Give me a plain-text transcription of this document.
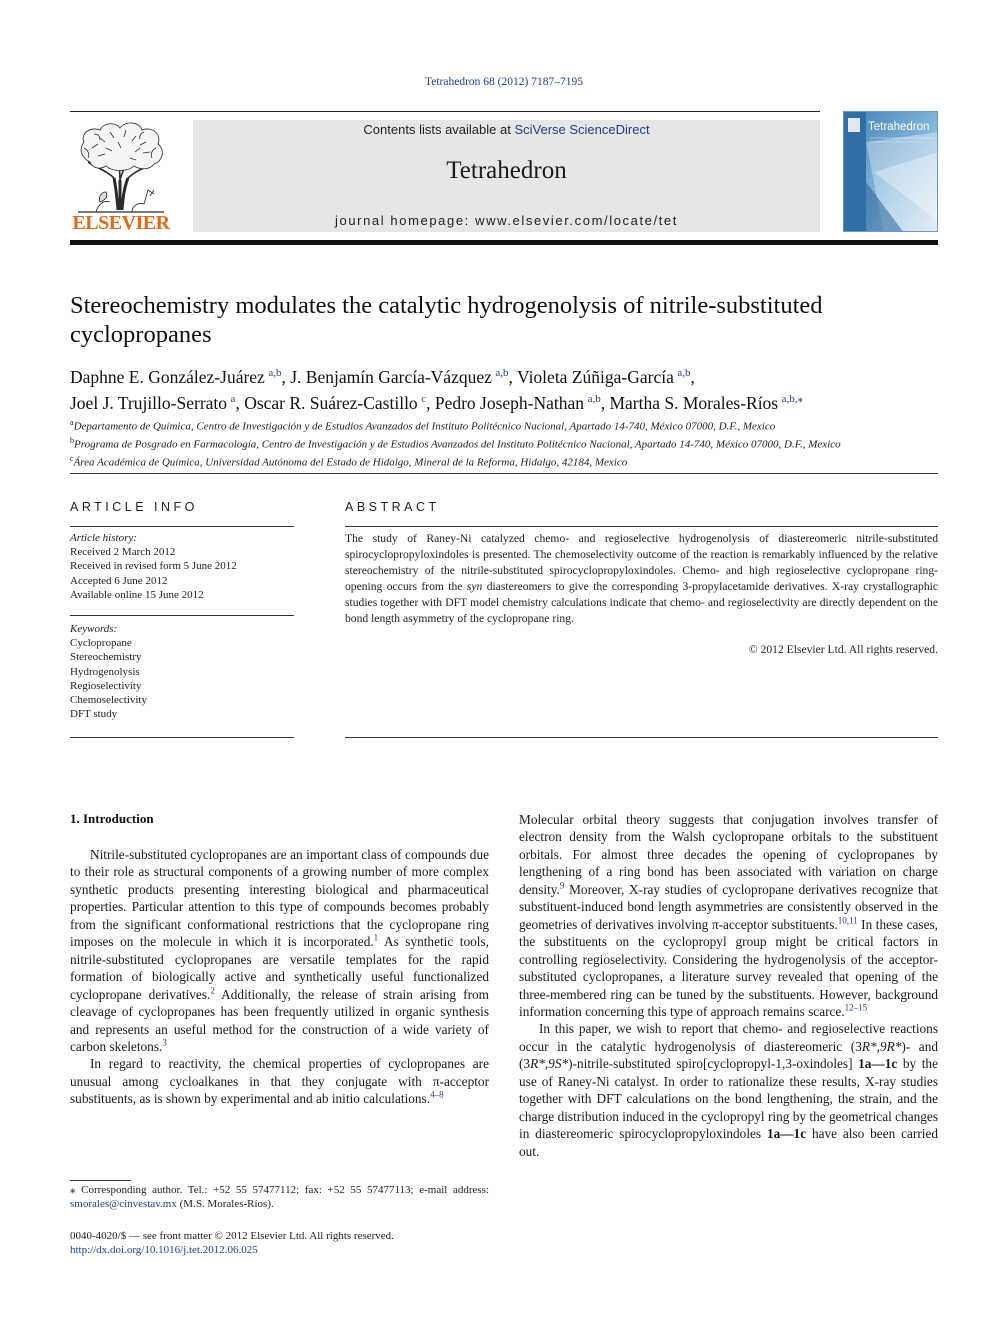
Tetrahedron 68 (2012) 7187–7195
ELSEVIER
Contents lists available at SciVerse ScienceDirect
Tetrahedron
journal homepage: www.elsevier.com/locate/tet
Tetrahedron
Stereochemistry modulates the catalytic hydrogenolysis of nitrile-substituted cyclopropanes
Daphne E. González-Juárez  $^{a,b}$, J. Benjamín García-Vázquez  $^{a,b}$, Violeta Zúñiga-García  $^{a,b}$,
Joel J. Trujillo-Serrato  $^a$, Oscar R. Suárez-Castillo  $^c$, Pedro Joseph-Nathan  $^{a,b}$, Martha S. Morales-Ríos  $^{a,b,⁎}$
$^a$Departamento de Química, Centro de Investigación y de Estudios Avanzados del Instituto Politécnico Nacional, Apartado 14-740, México 07000, D.F., Mexico
$^b$Programa de Posgrado en Farmacología, Centro de Investigación y de Estudios Avanzados del Instituto Politécnico Nacional, Apartado 14-740, México 07000, D.F., Mexico
$^c$Área Académica de Química, Universidad Autónoma del Estado de Hidalgo, Mineral de la Reforma, Hidalgo, 42184, Mexico
ARTICLE INFO	ABSTRACT
Article history:
Received 2 March 2012
Received in revised form 5 June 2012
Accepted 6 June 2012
Available online 15 June 2012
Keywords:
Cyclopropane
Stereochemistry
Hydrogenolysis
Regioselectivity
Chemoselectivity
DFT study
The study of Raney-Ni catalyzed chemo- and regioselective hydrogenolysis of diastereomeric nitrile-substituted spirocyclopropyloxindoles is presented. The chemoselectivity outcome of the reaction is remarkably influenced by the relative stereochemistry of the nitrile-substituted spirocyclopropyloxindoles. Chemo- and high regioselective cyclopropane ring-opening occurs from the syn diastereomers to give the corresponding 3-propylacetamide derivatives. X-ray crystallographic studies together with DFT model chemistry calculations indicate that chemo- and regioselectivity are directly dependent on the bond length asymmetry of the cyclopropane ring.
© 2012 Elsevier Ltd. All rights reserved.
1. Introduction

Nitrile-substituted cyclopropanes are an important class of compounds due to their role as structural components of a growing number of more complex synthetic products presenting interesting biological and pharmaceutical properties. Particular attention to this type of compounds becomes probably from the significant conformational restrictions that the cyclopropane ring imposes on the molecule in which it is incorporated.$^1$ As synthetic tools, nitrile-substituted cyclopropanes are versatile templates for the rapid formation of biologically active and synthetically useful functionalized cyclopropane derivatives.$^2$ Additionally, the release of strain arising from cleavage of cyclopropanes has been frequently utilized in organic synthesis and represents an useful method for the construction of a wide variety of carbon skeletons.$^3$

In regard to reactivity, the chemical properties of cyclopropanes are unusual among cycloalkanes in that they conjugate with π-acceptor substituents, as is shown by experimental and ab initio calculations.$^{4-8}$

Molecular orbital theory suggests that conjugation involves transfer of electron density from the Walsh cyclopropane orbitals to the substituent orbitals. For almost three decades the opening of cyclopropanes by lengthening of a ring bond has been associated with variation on charge density.$^9$ Moreover, X-ray studies of cyclopropane derivatives recognize that substituent-induced bond length asymmetries are consistently observed in the geometries of derivatives involving π-acceptor substituents.$^{10,11}$ In these cases, the substituents on the cyclopropyl group might be critical factors in controlling regioselectivity. Considering the hydrogenolysis of the acceptor-substituted cyclopropanes, a literature survey revealed that opening of the three-membered ring can be tuned by the substituents. However, background information concerning this type of approach remains scarce.$^{12-15}$

In this paper, we wish to report that chemo- and regioselective reactions occur in the catalytic hydrogenolysis of diastereomeric (3R*,9R*)- and (3R*,9S*)-nitrile-substituted spiro[cyclopropyl-1,3-oxindoles] 1a—1c by the use of Raney-Ni catalyst. In order to rationalize these results, X-ray studies together with DFT calculations on the bond lengthening, the strain, and the charge distribution induced in the cyclopropyl ring by the geometrical changes in diastereomeric spirocyclopropyloxindoles 1a—1c have also been carried out.

⁎ Corresponding author. Tel.: +52 55 57477112; fax: +52 55 57477113; e-mail address: smorales@cinvestav.mx (M.S. Morales-Ríos).
0040-4020/$ — see front matter © 2012 Elsevier Ltd. All rights reserved.
http://dx.doi.org/10.1016/j.tet.2012.06.025
